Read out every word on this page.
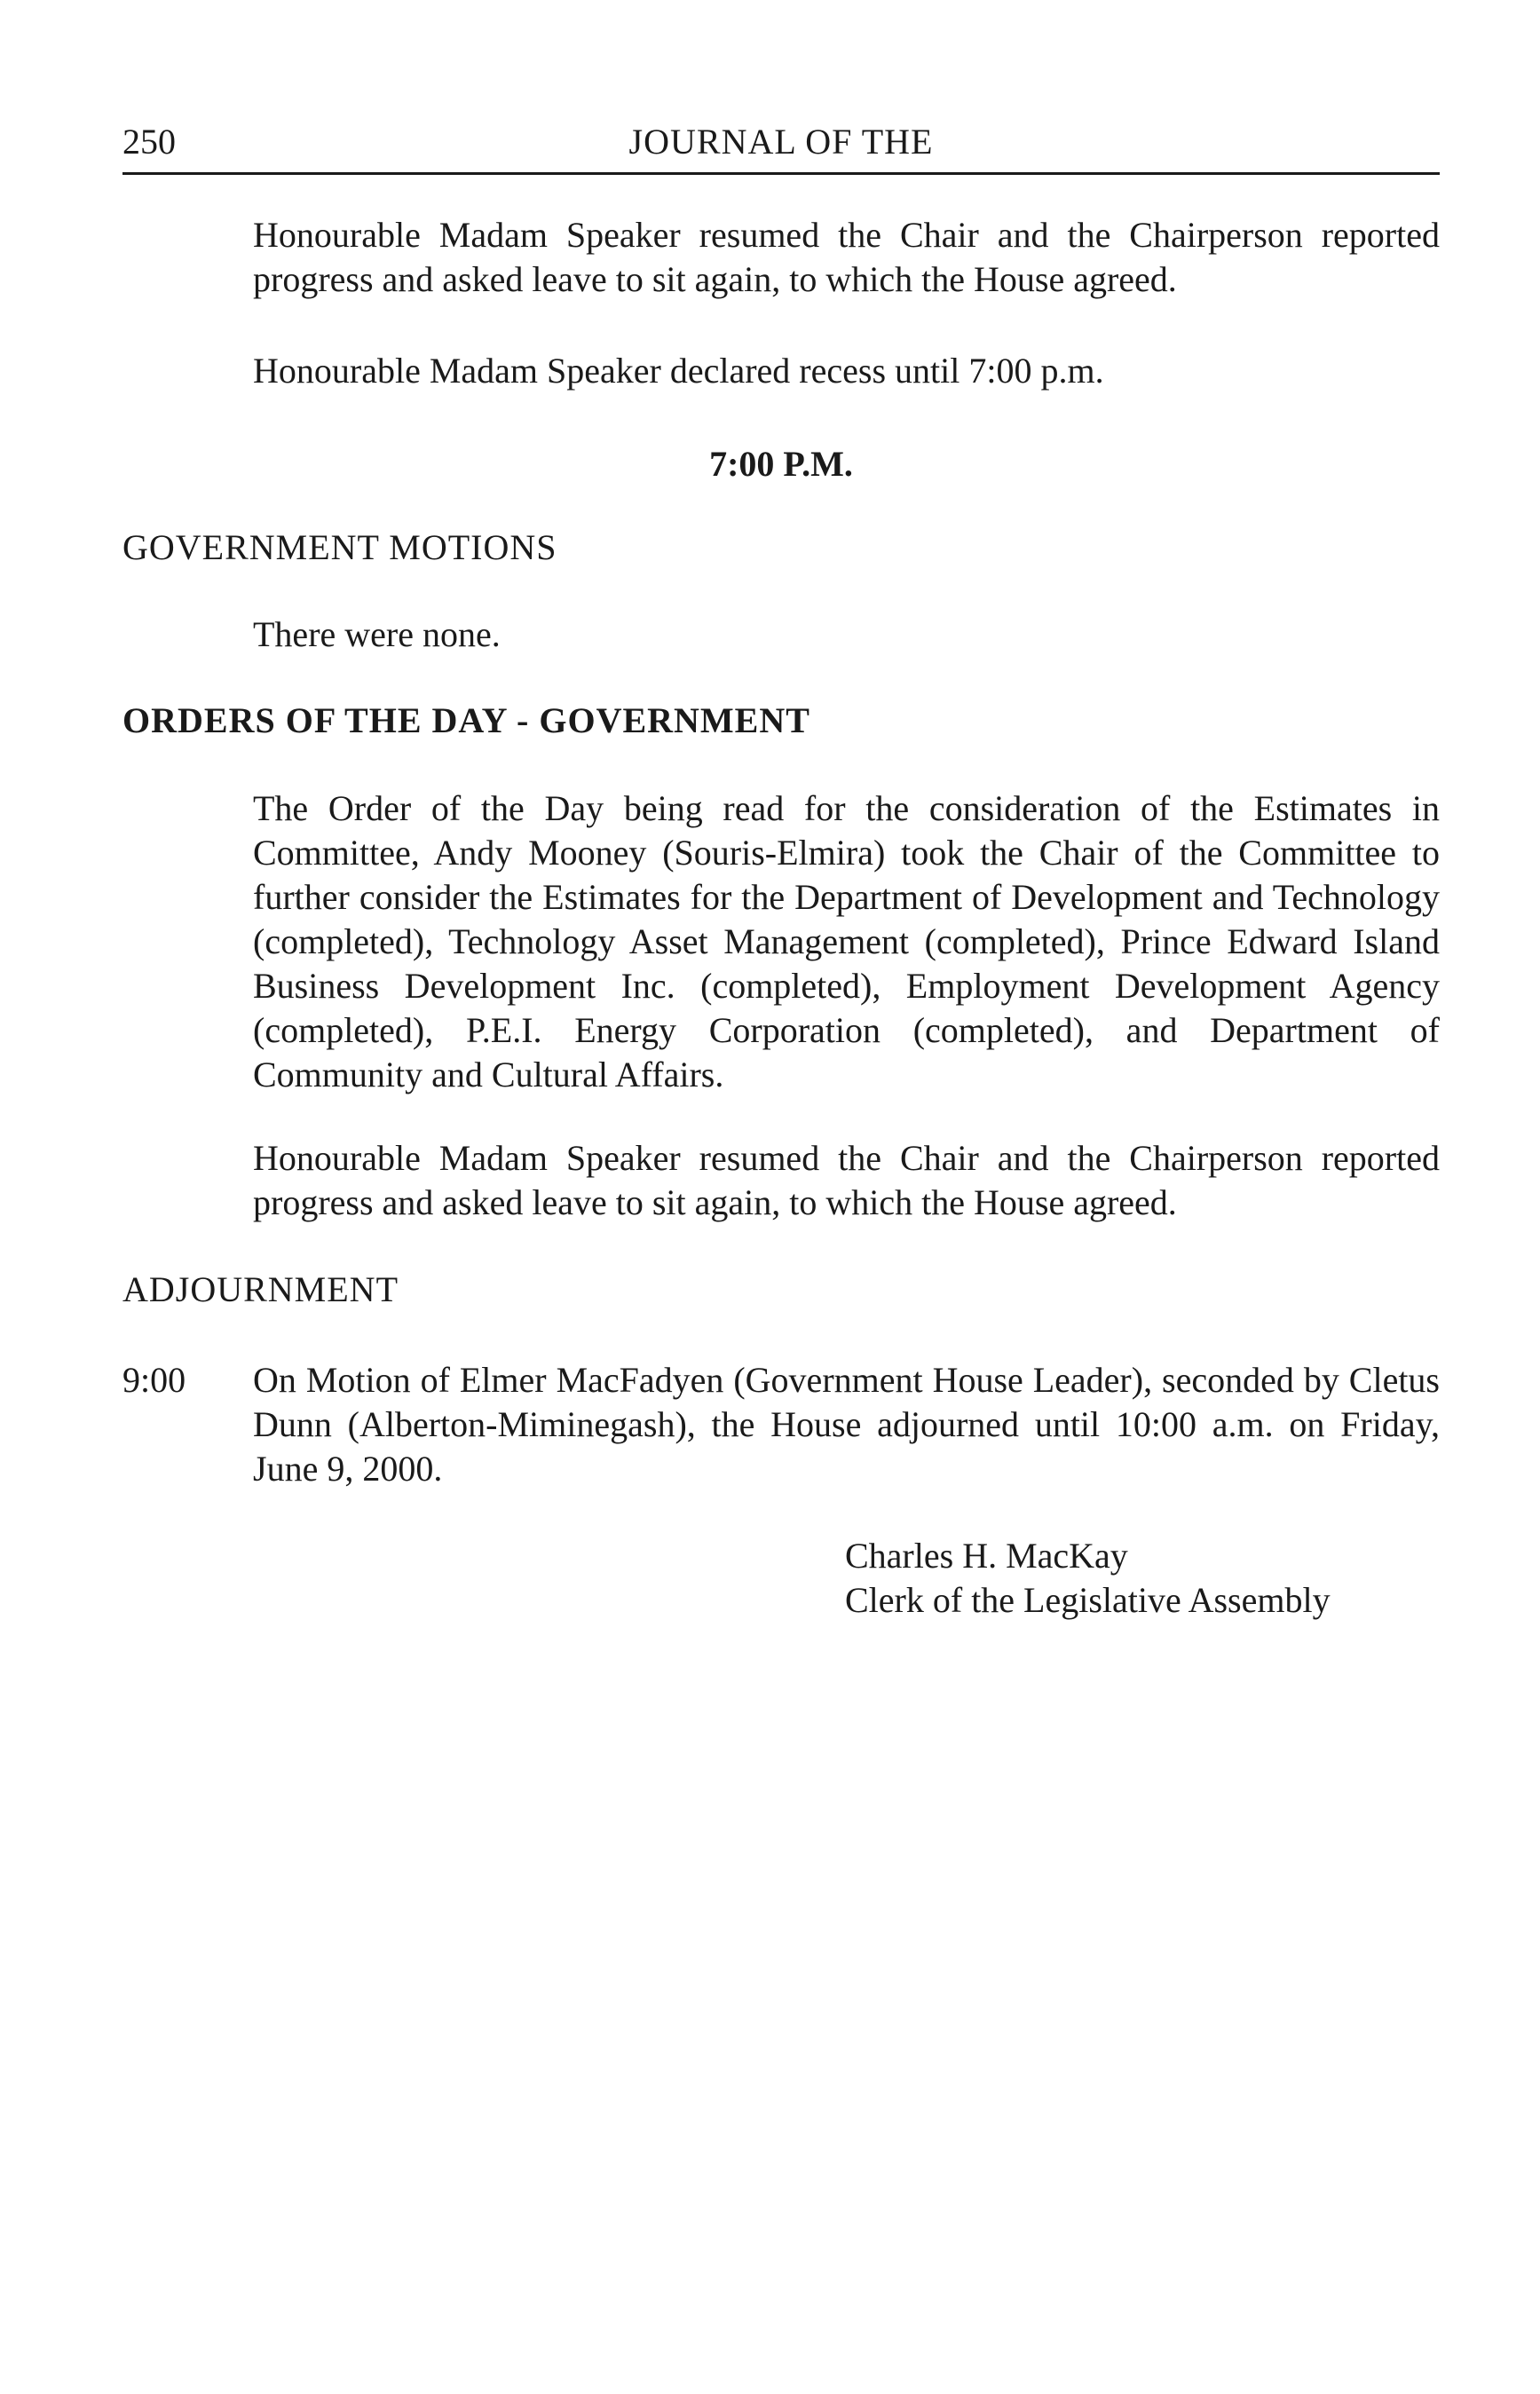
250	JOURNAL OF THE

Honourable Madam Speaker resumed the Chair and the Chairperson reported progress and asked leave to sit again, to which the House agreed.

Honourable Madam Speaker declared recess until 7:00 p.m.

7:00 P.M.
GOVERNMENT MOTIONS

There were none.

ORDERS OF THE DAY - GOVERNMENT

The Order of the Day being read for the consideration of the Estimates in Committee, Andy Mooney (Souris-Elmira) took the Chair of the Committee to further consider the Estimates for the Department of Development and Technology (completed), Technology Asset Management (completed), Prince Edward Island Business Development Inc. (completed), Employment Development Agency (completed), P.E.I. Energy Corporation (completed), and Department of Community and Cultural Affairs.

Honourable Madam Speaker resumed the Chair and the Chairperson reported progress and asked leave to sit again, to which the House agreed.

ADJOURNMENT
9:00 On Motion of Elmer MacFadyen (Government House Leader), seconded by Cletus Dunn (Alberton-Miminegash), the House adjourned until 10:00 a.m. on Friday, June 9, 2000.

Charles H. MacKay
Clerk of the Legislative Assembly
